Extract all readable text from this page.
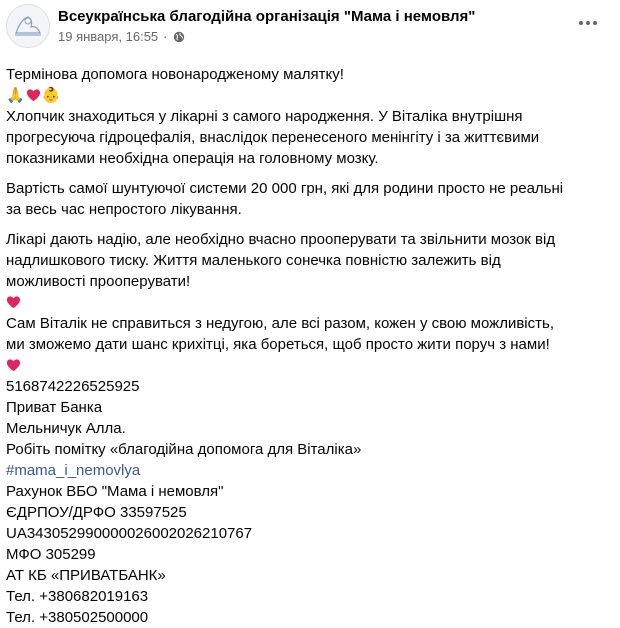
Всеукраїнська благодійна організація "Мама і немовля"
19 января, 16:55 ·
Термінова допомога новонародженому малятку!
🙏 👶
Хлопчик знаходиться у лікарні з самого народження. У Віталіка внутрішня
прогресуюча гідроцефалія, внаслідок перенесеного менінгіту і за життєвими
показниками необхідна операція на головному мозку.
Вартість самої шунтуючої системи 20 000 грн, які для родини просто не реальні
за весь час непростого лікування.
Лікарі дають надію, але необхідно вчасно прооперувати та звільнити мозок від
надлишкового тиску. Життя маленького сонечка повністю залежить від
можливості прооперувати!
Сам Віталік не справиться з недугою, але всі разом, кожен у свою можливість,
ми зможемо дати шанс крихітці, яка бореться, щоб просто жити поруч з нами!
5168742226525925
Приват Банка
Мельничук Алла.
Робіть помітку «благодійна допомога для Віталіка»
#mama_i_nemovlya
Рахунок ВБО "Мама і немовля"
ЄДРПОУ/ДРФО 33597525
UA343052990000026002026210767
МФО 305299
АТ КБ «ПРИВАТБАНК»
Тел. +380682019163
Тел. +380502500000
